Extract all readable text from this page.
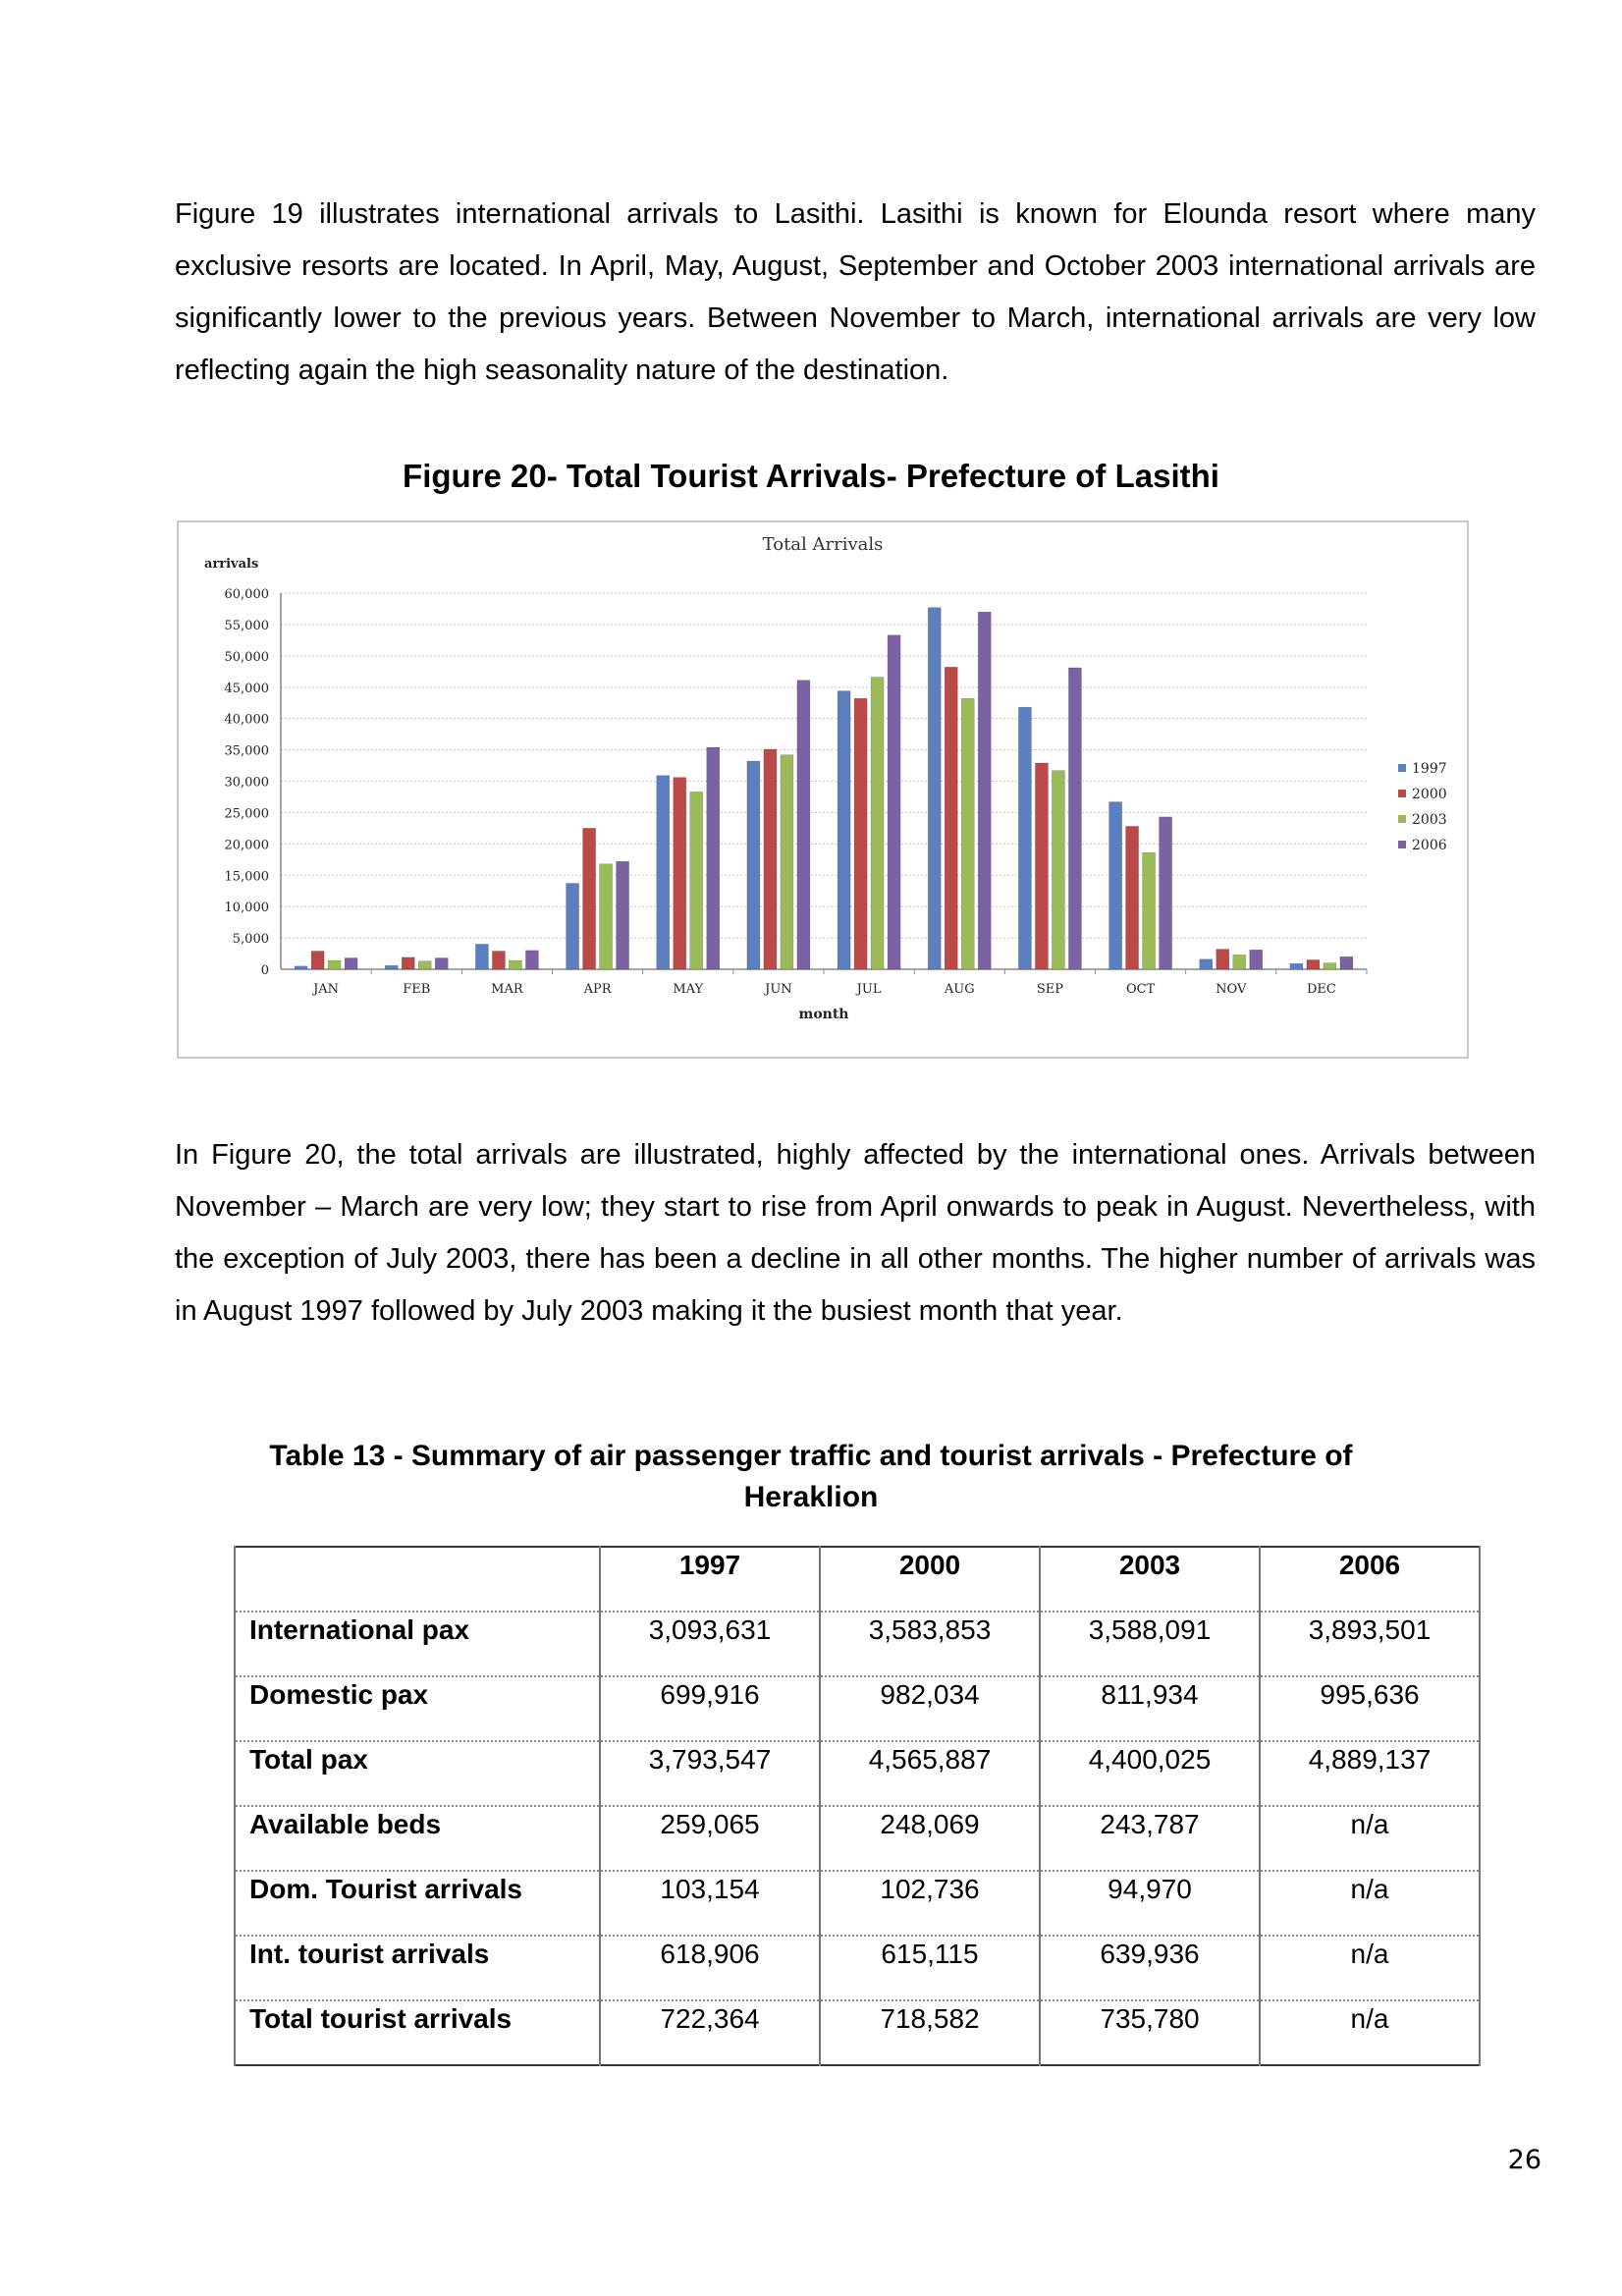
Figure 19 illustrates international arrivals to Lasithi. Lasithi is known for Elounda resort where many exclusive resorts are located. In April, May, August, September and October 2003 international arrivals are significantly lower to the previous years. Between November to March, international arrivals are very low reflecting again the high seasonality nature of the destination.

Figure 20- Total Tourist Arrivals- Prefecture of Lasithi
Total Arrivals
arrivals
0
5,000
10,000
15,000
20,000
25,000
30,000
35,000
40,000
45,000
50,000
55,000
60,000
JAN	FEB	MAR	APR	MAY	JUN	JUL	AUG	SEP	OCT	NOV	DEC
month
1997
2000
2003
2006

In Figure 20, the total arrivals are illustrated, highly affected by the international ones. Arrivals between November – March are very low; they start to rise from April onwards to peak in August. Nevertheless, with the exception of July 2003, there has been a decline in all other months. The higher number of arrivals was in August 1997 followed by July 2003 making it the busiest month that year.

Table 13 - Summary of air passenger traffic and tourist arrivals - Prefecture of Heraklion
	1997	2000	2003	2006
International pax	3,093,631	3,583,853	3,588,091	3,893,501
Domestic pax	699,916	982,034	811,934	995,636
Total pax	3,793,547	4,565,887	4,400,025	4,889,137
Available beds	259,065	248,069	243,787	n/a
Dom. Tourist arrivals	103,154	102,736	94,970	n/a
Int. tourist arrivals	618,906	615,115	639,936	n/a
Total tourist arrivals	722,364	718,582	735,780	n/a
26
